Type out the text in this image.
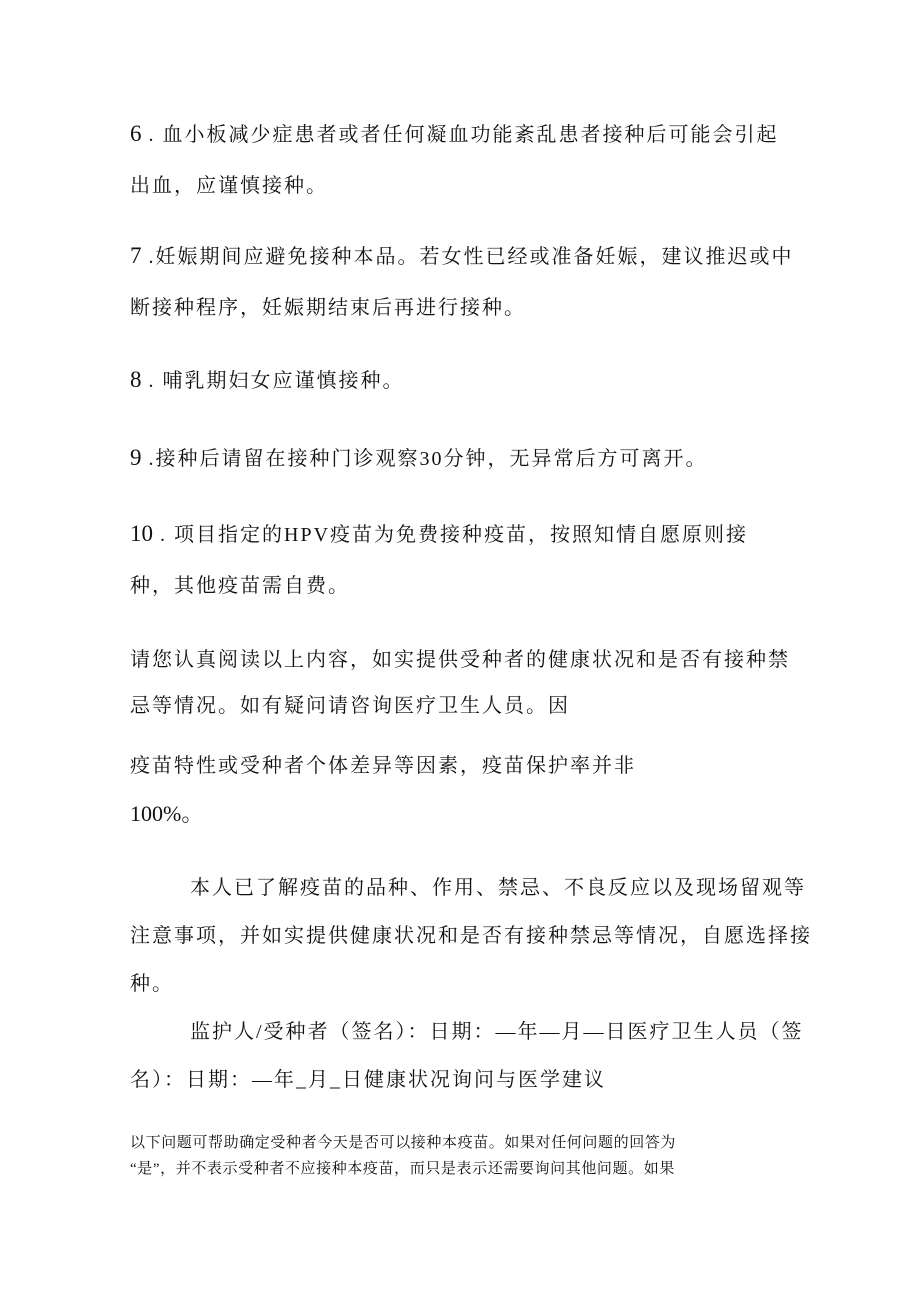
6 . 血小板减少症患者或者任何凝血功能紊乱患者接种后可能会引起
出血，应谨慎接种。
7 .妊娠期间应避免接种本品。若女性已经或准备妊娠，建议推迟或中
断接种程序，妊娠期结束后再进行接种。
8 . 哺乳期妇女应谨慎接种。
9 .接种后请留在接种门诊观察30分钟，无异常后方可离开。
10 . 项目指定的HPV疫苗为免费接种疫苗，按照知情自愿原则接
种，其他疫苗需自费。
请您认真阅读以上内容，如实提供受种者的健康状况和是否有接种禁
忌等情况。如有疑问请咨询医疗卫生人员。因
疫苗特性或受种者个体差异等因素，疫苗保护率并非
100%。
本人已了解疫苗的品种、作用、禁忌、不良反应以及现场留观等
注意事项，并如实提供健康状况和是否有接种禁忌等情况，自愿选择接
种。
监护人/受种者（签名）：日期：—年—月—日医疗卫生人员（签
名）：日期：—年_月_日健康状况询问与医学建议
以下问题可帮助确定受种者今天是否可以接种本疫苗。如果对任何问题的回答为
“是”，并不表示受种者不应接种本疫苗，而只是表示还需要询问其他问题。如果
